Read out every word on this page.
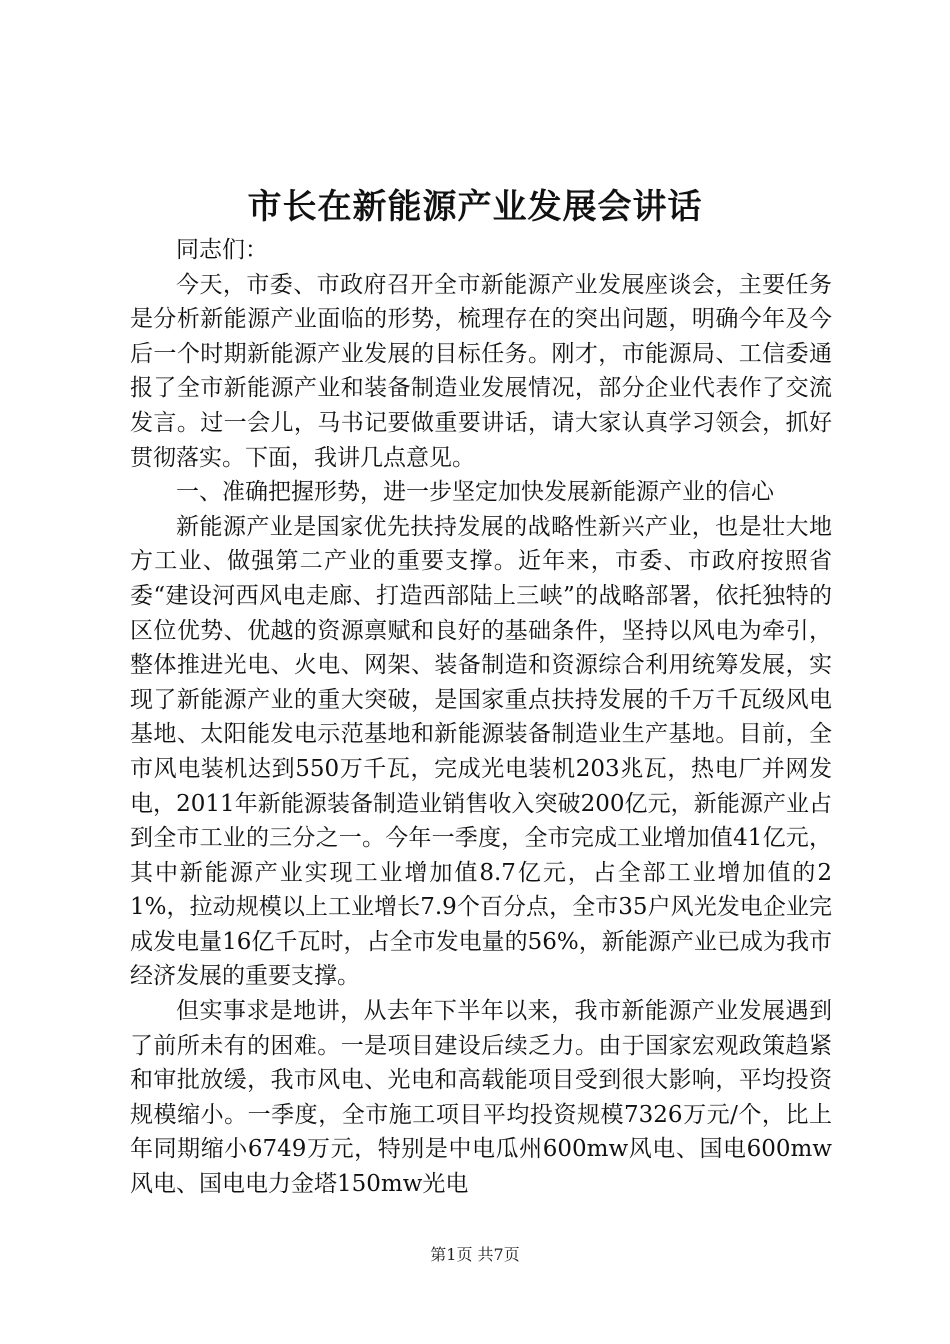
市长在新能源产业发展会讲话

同志们：

今天，市委、市政府召开全市新能源产业发展座谈会，主要任务是分析新能源产业面临的形势，梳理存在的突出问题，明确今年及今后一个时期新能源产业发展的目标任务。刚才，市能源局、工信委通报了全市新能源产业和装备制造业发展情况，部分企业代表作了交流发言。过一会儿，马书记要做重要讲话，请大家认真学习领会，抓好贯彻落实。下面，我讲几点意见。

一、准确把握形势，进一步坚定加快发展新能源产业的信心

新能源产业是国家优先扶持发展的战略性新兴产业，也是壮大地方工业、做强第二产业的重要支撑。近年来，市委、市政府按照省委“建设河西风电走廊、打造西部陆上三峡”的战略部署，依托独特的区位优势、优越的资源禀赋和良好的基础条件，坚持以风电为牵引，整体推进光电、火电、网架、装备制造和资源综合利用统筹发展，实现了新能源产业的重大突破，是国家重点扶持发展的千万千瓦级风电基地、太阳能发电示范基地和新能源装备制造业生产基地。目前，全市风电装机达到550万千瓦，完成光电装机203兆瓦，热电厂并网发电，2011年新能源装备制造业销售收入突破200亿元，新能源产业占到全市工业的三分之一。今年一季度，全市完成工业增加值41亿元，其中新能源产业实现工业增加值8.7亿元，占全部工业增加值的21%，拉动规模以上工业增长7.9个百分点，全市35户风光发电企业完成发电量16亿千瓦时，占全市发电量的56%，新能源产业已成为我市经济发展的重要支撑。

但实事求是地讲，从去年下半年以来，我市新能源产业发展遇到了前所未有的困难。一是项目建设后续乏力。由于国家宏观政策趋紧和审批放缓，我市风电、光电和高载能项目受到很大影响，平均投资规模缩小。一季度，全市施工项目平均投资规模7326万元/个，比上年同期缩小6749万元，特别是中电瓜州600mw风电、国电600mw风电、国电电力金塔150mw光电

第1页 共7页
